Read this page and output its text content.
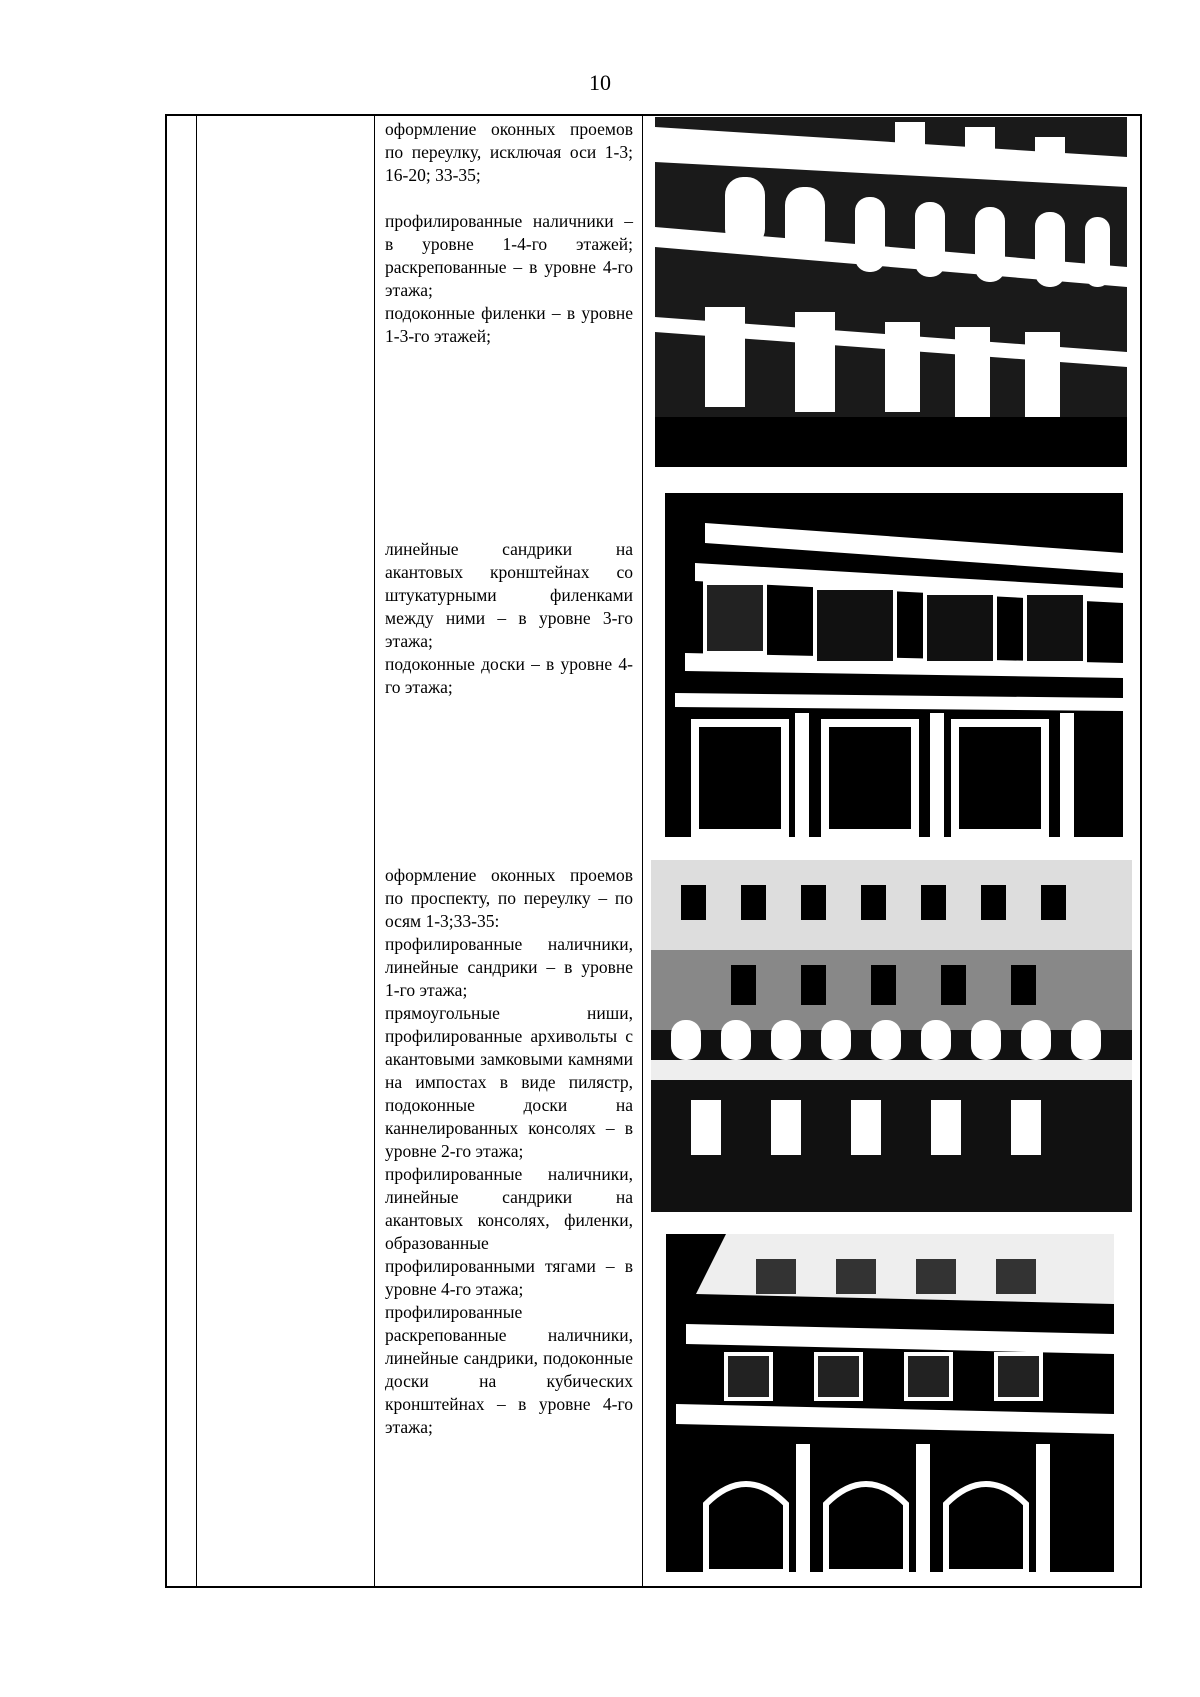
10

оформление оконных проемов по переулку, исключая оси 1-3; 16-20; 33-35;

профилированные наличники – в уровне 1-4-го этажей; раскрепованные – в уровне 4-го этажа;

подоконные филенки – в уровне 1-3-го этажей;

линейные сандрики на акантовых кронштейнах со штукатурными филенками между ними – в уровне 3-го этажа;

подоконные доски – в уровне 4-го этажа;

оформление оконных проемов по проспекту, по переулку – по осям 1-3;33-35:

профилированные наличники, линейные сандрики – в уровне 1-го этажа;

прямоугольные ниши, профилированные архивольты с акантовыми замковыми камнями на импостах в виде пилястр, подоконные доски на каннелированных консолях – в уровне 2-го этажа;

профилированные наличники, линейные сандрики на акантовых консолях, филенки, образованные профилированными тягами – в уровне 4-го этажа;

профилированные раскрепованные наличники, линейные сандрики, подоконные доски на кубических кронштейнах – в уровне 4-го этажа;
